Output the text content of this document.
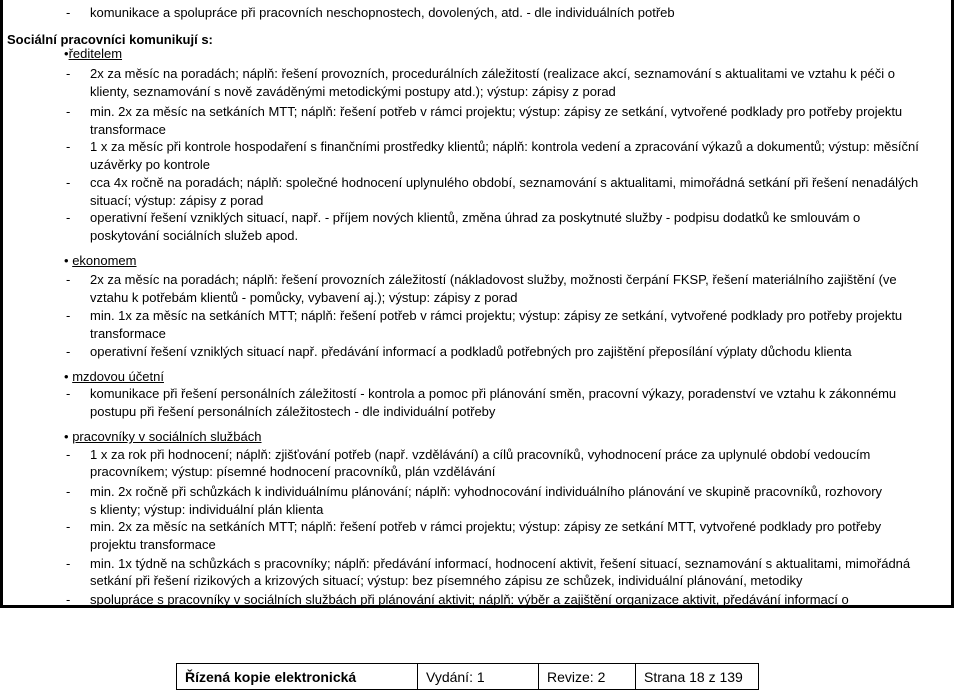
- komunikace a spolupráce při pracovních neschopnostech, dovolených, atd. - dle individuálních potřeb
Sociální pracovníci komunikují s:
•ředitelem
- 2x za měsíc na poradách; náplň: řešení provozních, procedurálních záležitostí (realizace akcí, seznamování s aktualitami ve vztahu k péči o
klienty, seznamování s nově zaváděnými metodickými postupy atd.); výstup: zápisy z porad
- min. 2x za měsíc na setkáních MTT; náplň: řešení potřeb v rámci projektu; výstup: zápisy ze setkání, vytvořené podklady pro potřeby projektu
transformace
- 1 x za měsíc při kontrole hospodaření s finančními prostředky klientů; náplň: kontrola vedení a zpracování výkazů a dokumentů; výstup: měsíční
uzávěrky po kontrole
- cca 4x ročně na poradách; náplň: společné hodnocení uplynulého období, seznamování s aktualitami, mimořádná setkání při řešení nenadálých
situací; výstup: zápisy z porad
- operativní řešení vzniklých situací, např. - příjem nových klientů, změna úhrad za poskytnuté služby - podpisu dodatků ke smlouvám o
poskytování sociálních služeb apod.
• ekonomem
- 2x za měsíc na poradách; náplň: řešení provozních záležitostí (nákladovost služby, možnosti čerpání FKSP, řešení materiálního zajištění (ve
vztahu k potřebám klientů - pomůcky, vybavení aj.); výstup: zápisy z porad
- min. 1x za měsíc na setkáních MTT; náplň: řešení potřeb v rámci projektu; výstup: zápisy ze setkání, vytvořené podklady pro potřeby projektu
transformace
- operativní řešení vzniklých situací např. předávání informací a podkladů potřebných pro zajištění přeposílání výplaty důchodu klienta
• mzdovou účetní
- komunikace při řešení personálních záležitostí - kontrola a pomoc při plánování směn, pracovní výkazy, poradenství ve vztahu k zákonnému
postupu při řešení personálních záležitostech - dle individuální potřeby
• pracovníky v sociálních službách
- 1 x za rok při hodnocení; náplň: zjišťování potřeb (např. vzdělávání) a cílů pracovníků, vyhodnocení práce za uplynulé období vedoucím
pracovníkem; výstup: písemné hodnocení pracovníků, plán vzdělávání
- min. 2x ročně při schůzkách k individuálnímu plánování; náplň: vyhodnocování individuálního plánování ve skupině pracovníků, rozhovory
s klienty; výstup: individuální plán klienta
- min. 2x za měsíc na setkáních MTT; náplň: řešení potřeb v rámci projektu; výstup: zápisy ze setkání MTT, vytvořené podklady pro potřeby
projektu transformace
- min. 1x týdně na schůzkách s pracovníky; náplň: předávání informací, hodnocení aktivit, řešení situací, seznamování s aktualitami, mimořádná
setkání při řešení rizikových a krizových situací; výstup: bez písemného zápisu ze schůzek, individuální plánování, metodiky
- spolupráce s pracovníky v sociálních službách při plánování aktivit; náplň: výběr a zajištění organizace aktivit, předávání informací o
Řízená kopie elektronická	Vydání: 1	Revize: 2	Strana 18 z 139
